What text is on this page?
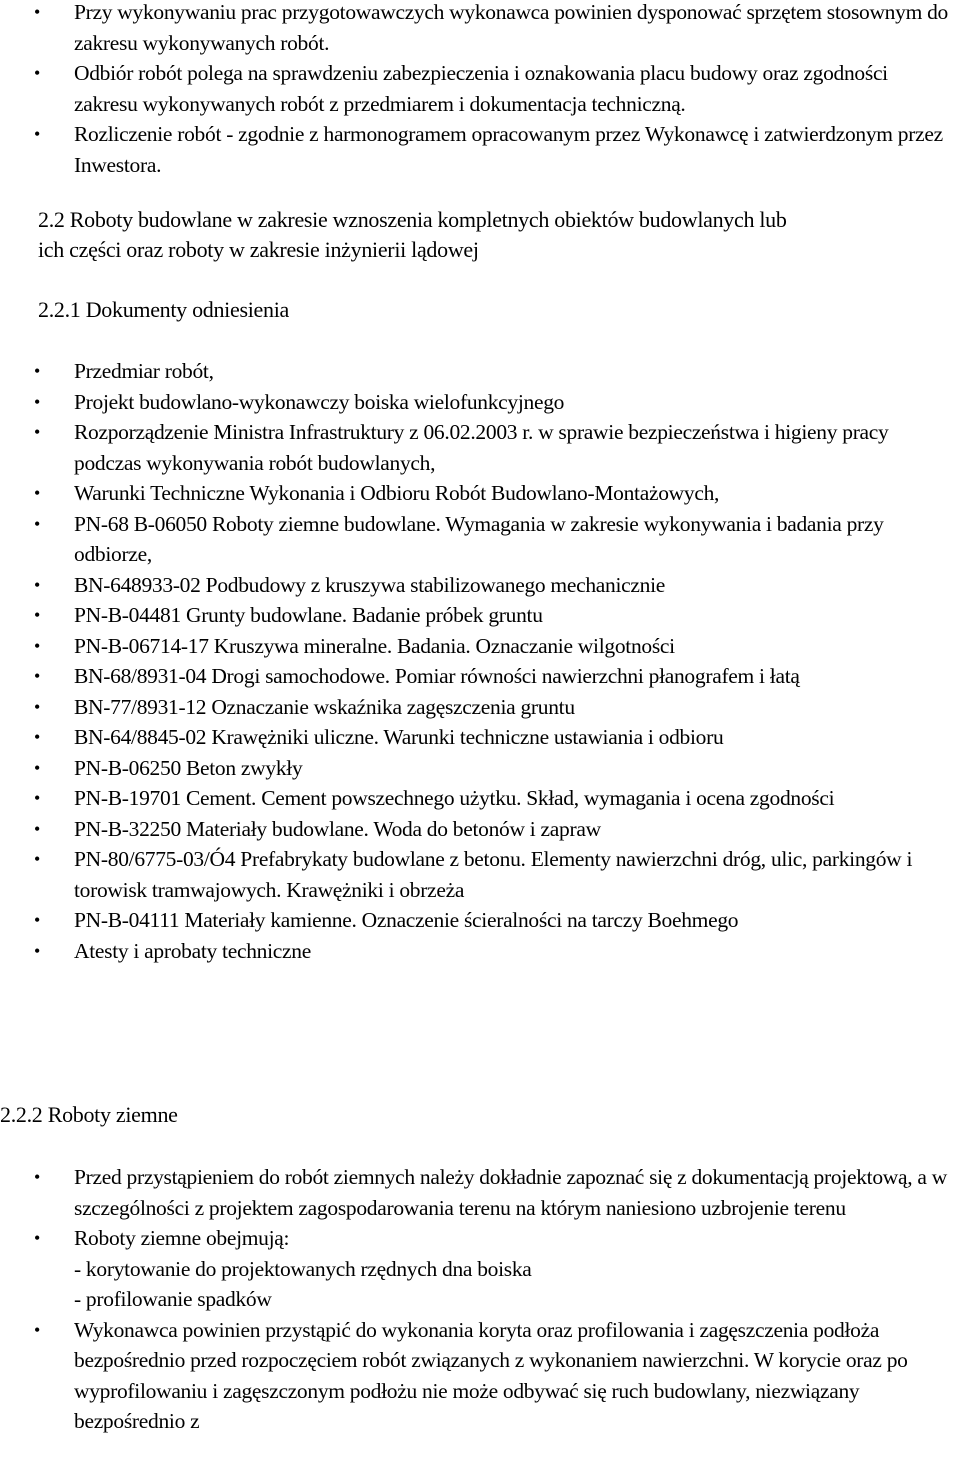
• Przy wykonywaniu prac przygotowawczych wykonawca powinien dysponować sprzętem stosownym do zakresu wykonywanych robót.
• Odbiór robót polega na sprawdzeniu zabezpieczenia i oznakowania placu budowy oraz zgodności zakresu wykonywanych robót z przedmiarem i dokumentacja techniczną.
• Rozliczenie robót - zgodnie z harmonogramem opracowanym przez Wykonawcę i zatwierdzonym przez Inwestora.
2.2 Roboty budowlane w zakresie wznoszenia kompletnych obiektów budowlanych lub
ich części oraz roboty w zakresie inżynierii lądowej
2.2.1 Dokumenty odniesienia
• Przedmiar robót,
• Projekt budowlano-wykonawczy boiska wielofunkcyjnego
• Rozporządzenie Ministra Infrastruktury z 06.02.2003 r. w sprawie bezpieczeństwa i higieny pracy podczas wykonywania robót budowlanych,
• Warunki Techniczne Wykonania i Odbioru Robót Budowlano-Montażowych,
• PN-68 B-06050 Roboty ziemne budowlane. Wymagania w zakresie wykonywania i badania przy odbiorze,
• BN-648933-02 Podbudowy z kruszywa stabilizowanego mechanicznie
• PN-B-04481 Grunty budowlane. Badanie próbek gruntu
• PN-B-06714-17 Kruszywa mineralne. Badania. Oznaczanie wilgotności
• BN-68/8931-04 Drogi samochodowe. Pomiar równości nawierzchni płanografem i łatą
• BN-77/8931-12 Oznaczanie wskaźnika zagęszczenia gruntu
• BN-64/8845-02 Krawężniki uliczne. Warunki techniczne ustawiania i odbioru
• PN-B-06250 Beton zwykły
• PN-B-19701 Cement. Cement powszechnego użytku. Skład, wymagania i ocena zgodności
• PN-B-32250 Materiały budowlane. Woda do betonów i zapraw
• PN-80/6775-03/Ó4 Prefabrykaty budowlane z betonu. Elementy nawierzchni dróg, ulic, parkingów i torowisk tramwajowych. Krawężniki i obrzeża
• PN-B-04111 Materiały kamienne. Oznaczenie ścieralności na tarczy Boehmego
• Atesty i aprobaty techniczne
2.2.2 Roboty ziemne
• Przed przystąpieniem do robót ziemnych należy dokładnie zapoznać się z dokumentacją projektową, a w szczególności z projektem zagospodarowania terenu na którym naniesiono uzbrojenie terenu
• Roboty ziemne obejmują:
- korytowanie do projektowanych rzędnych dna boiska
- profilowanie spadków
• Wykonawca powinien przystąpić do wykonania koryta oraz profilowania i zagęszczenia podłoża bezpośrednio przed rozpoczęciem robót związanych z wykonaniem nawierzchni. W korycie oraz po wyprofilowaniu i zagęszczonym podłożu nie może odbywać się ruch budowlany, niezwiązany bezpośrednio z
